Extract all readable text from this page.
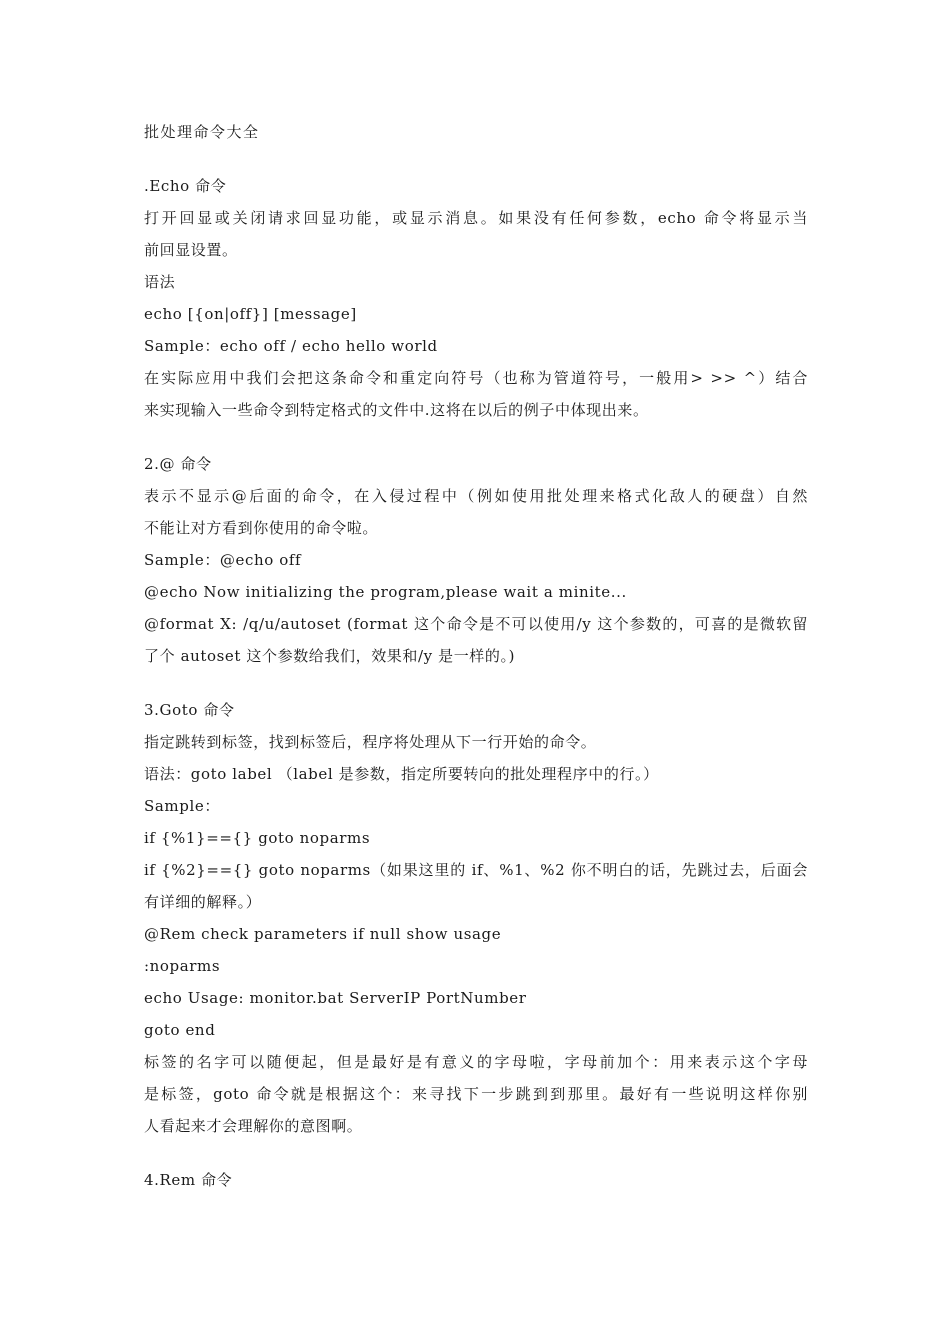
批处理命令大全
.Echo 命令
打开回显或关闭请求回显功能，或显示消息。如果没有任何参数，echo 命令将显示当
前回显设置。
语法
echo [{on|off}] [message]
Sample：echo off / echo hello world
在实际应用中我们会把这条命令和重定向符号（也称为管道符号，一般用> >> ^）结合
来实现输入一些命令到特定格式的文件中.这将在以后的例子中体现出来。
2.@ 命令
表示不显示@后面的命令，在入侵过程中（例如使用批处理来格式化敌人的硬盘）自然
不能让对方看到你使用的命令啦。
Sample：@echo off
@echo Now initializing the program,please wait a minite...
@format X: /q/u/autoset (format 这个命令是不可以使用/y 这个参数的，可喜的是微软留
了个 autoset 这个参数给我们，效果和/y 是一样的。)
3.Goto 命令
指定跳转到标签，找到标签后，程序将处理从下一行开始的命令。
语法：goto label （label 是参数，指定所要转向的批处理程序中的行。）
Sample：
if {%1}=={} goto noparms
if {%2}=={} goto noparms（如果这里的 if、%1、%2 你不明白的话，先跳过去，后面会
有详细的解释。）
@Rem check parameters if null show usage
:noparms
echo Usage: monitor.bat ServerIP PortNumber
goto end
标签的名字可以随便起，但是最好是有意义的字母啦，字母前加个：用来表示这个字母
是标签，goto 命令就是根据这个：来寻找下一步跳到到那里。最好有一些说明这样你别
人看起来才会理解你的意图啊。
4.Rem 命令
